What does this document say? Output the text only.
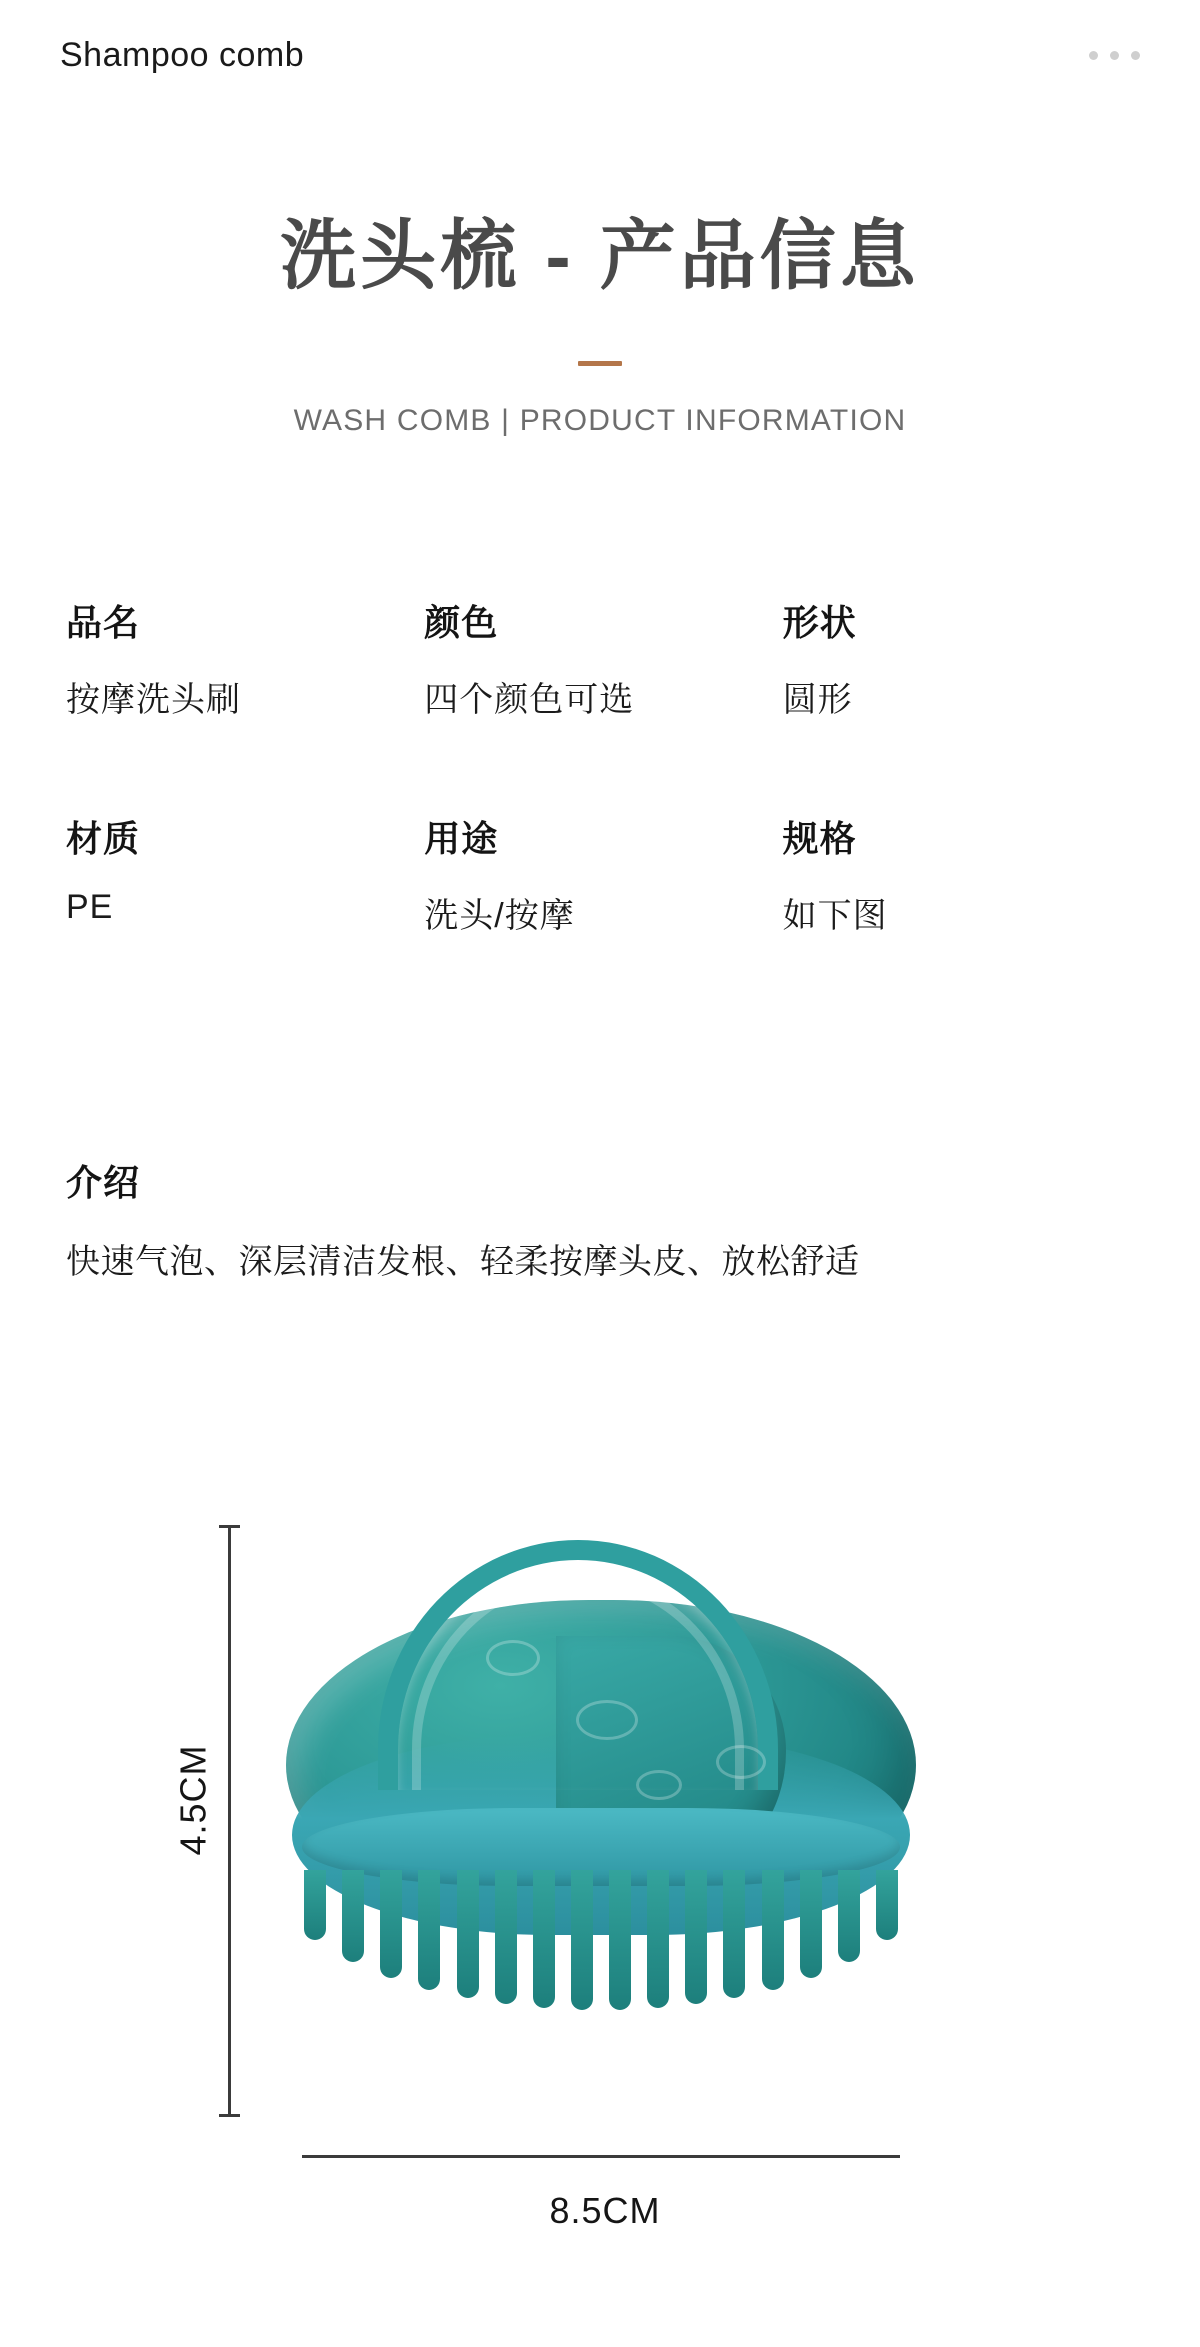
Shampoo comb
洗头梳 - 产品信息
WASH COMB | PRODUCT INFORMATION
品名
按摩洗头刷
颜色
四个颜色可选
形状
圆形
材质
PE
用途
洗头/按摩
规格
如下图
介绍
快速气泡、深层清洁发根、轻柔按摩头皮、放松舒适
4.5CM
8.5CM
